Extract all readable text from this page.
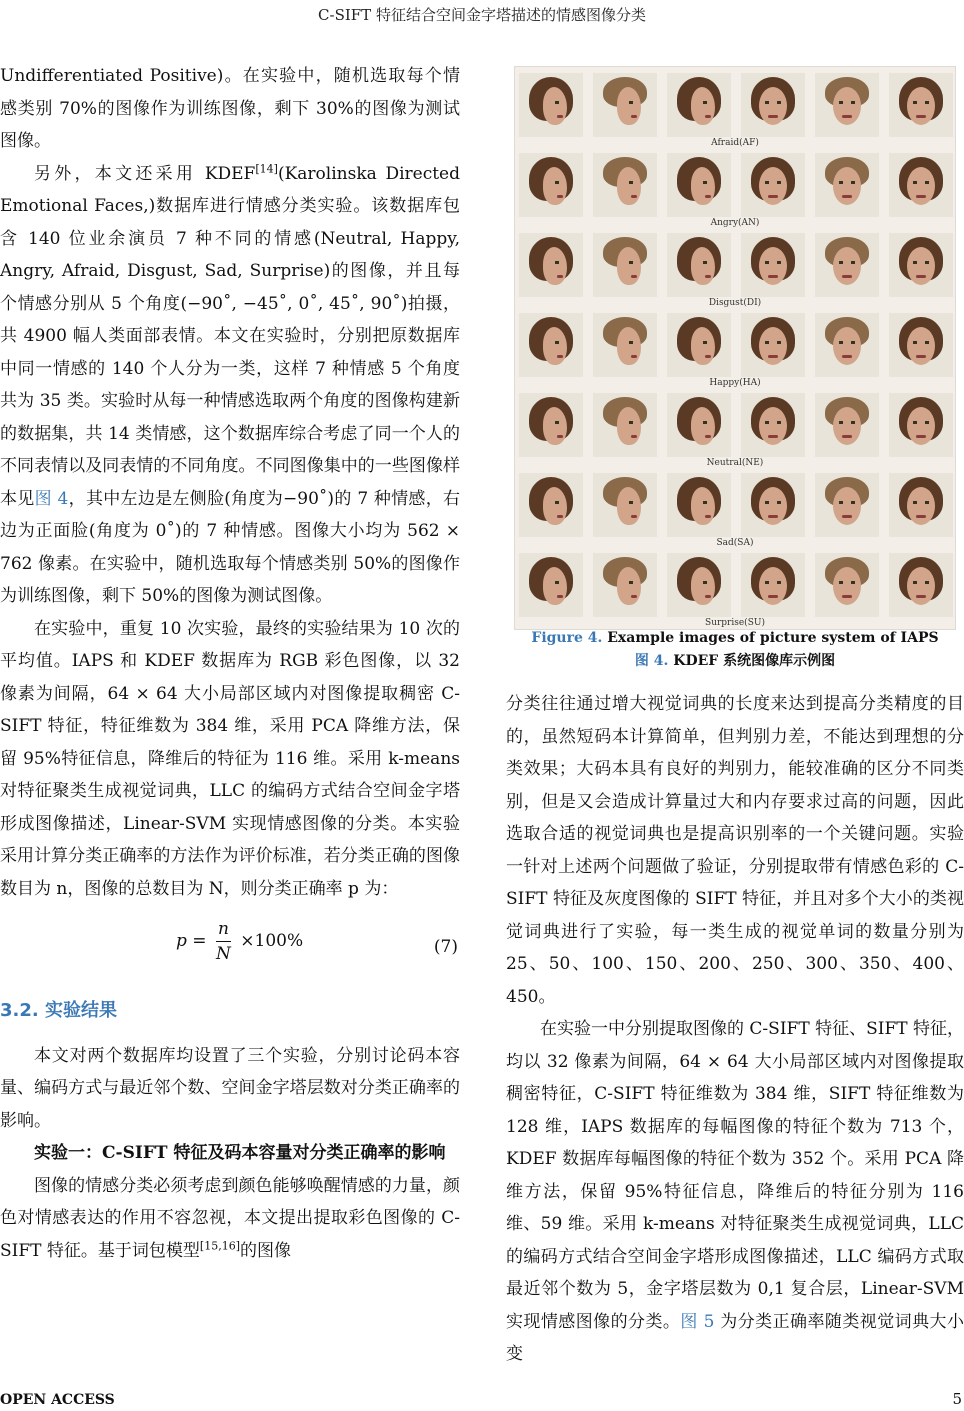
C-SIFT 特征结合空间金字塔描述的情感图像分类

Undifferentiated Positive)。在实验中，随机选取每个情感类别 70%的图像作为训练图像，剩下 30%的图像为测试图像。

另外，本文还采用 KDEF[14](Karolinska Directed Emotional Faces,)数据库进行情感分类实验。该数据库包含 140 位业余演员 7 种不同的情感(Neutral, Happy, Angry, Afraid, Disgust, Sad, Surprise)的图像，并且每个情感分别从 5 个角度(−90˚, −45˚, 0˚, 45˚, 90˚)拍摄，共 4900 幅人类面部表情。本文在实验时，分别把原数据库中同一情感的 140 个人分为一类，这样 7 种情感 5 个角度共为 35 类。实验时从每一种情感选取两个角度的图像构建新的数据集，共 14 类情感，这个数据库综合考虑了同一个人的不同表情以及同表情的不同角度。不同图像集中的一些图像样本见图 4，其中左边是左侧脸(角度为−90˚)的 7 种情感，右边为正面脸(角度为 0˚)的 7 种情感。图像大小均为 562 × 762 像素。在实验中，随机选取每个情感类别 50%的图像作为训练图像，剩下 50%的图像为测试图像。

在实验中，重复 10 次实验，最终的实验结果为 10 次的平均值。IAPS 和 KDEF 数据库为 RGB 彩色图像，以 32 像素为间隔，64 × 64 大小局部区域内对图像提取稠密 C-SIFT 特征，特征维数为 384 维，采用 PCA 降维方法，保留 95%特征信息，降维后的特征为 116 维。采用 k-means 对特征聚类生成视觉词典，LLC 的编码方式结合空间金字塔形成图像描述，Linear-SVM 实现情感图像的分类。本实验采用计算分类正确率的方法作为评价标准，若分类正确的图像数目为 n，图像的总数目为 N，则分类正确率 p 为：

$p = \frac{n}{N} \times 100\%$	(7)
3.2. 实验结果

本文对两个数据库均设置了三个实验，分别讨论码本容量、编码方式与最近邻个数、空间金字塔层数对分类正确率的影响。

实验一：C-SIFT 特征及码本容量对分类正确率的影响

图像的情感分类必须考虑到颜色能够唤醒情感的力量，颜色对情感表达的作用不容忽视，本文提出提取彩色图像的 C-SIFT 特征。基于词包模型[15,16]的图像

Afraid(AF)
Angry(AN)
Disgust(DI)
Happy(HA)
Neutral(NE)
Sad(SA)
Surprise(SU)
Figure 4. Example images of picture system of IAPS
图 4. KDEF 系统图像库示例图

分类往往通过增大视觉词典的长度来达到提高分类精度的目的，虽然短码本计算简单，但判别力差，不能达到理想的分类效果；大码本具有良好的判别力，能较准确的区分不同类别，但是又会造成计算量过大和内存要求过高的问题，因此选取合适的视觉词典也是提高识别率的一个关键问题。实验一针对上述两个问题做了验证，分别提取带有情感色彩的 C-SIFT 特征及灰度图像的 SIFT 特征，并且对多个大小的类视觉词典进行了实验，每一类生成的视觉单词的数量分别为 25、50、100、150、200、250、300、350、400、450。

在实验一中分别提取图像的 C-SIFT 特征、SIFT 特征，均以 32 像素为间隔，64 × 64 大小局部区域内对图像提取稠密特征，C-SIFT 特征维数为 384 维，SIFT 特征维数为 128 维，IAPS 数据库的每幅图像的特征个数为 713 个，KDEF 数据库每幅图像的特征个数为 352 个。采用 PCA 降维方法，保留 95%特征信息，降维后的特征分别为 116 维、59 维。采用 k-means 对特征聚类生成视觉词典，LLC 的编码方式结合空间金字塔形成图像描述，LLC 编码方式取最近邻个数为 5，金字塔层数为 0,1 复合层，Linear-SVM 实现情感图像的分类。图 5 为分类正确率随类视觉词典大小变

OPEN ACCESS	5
